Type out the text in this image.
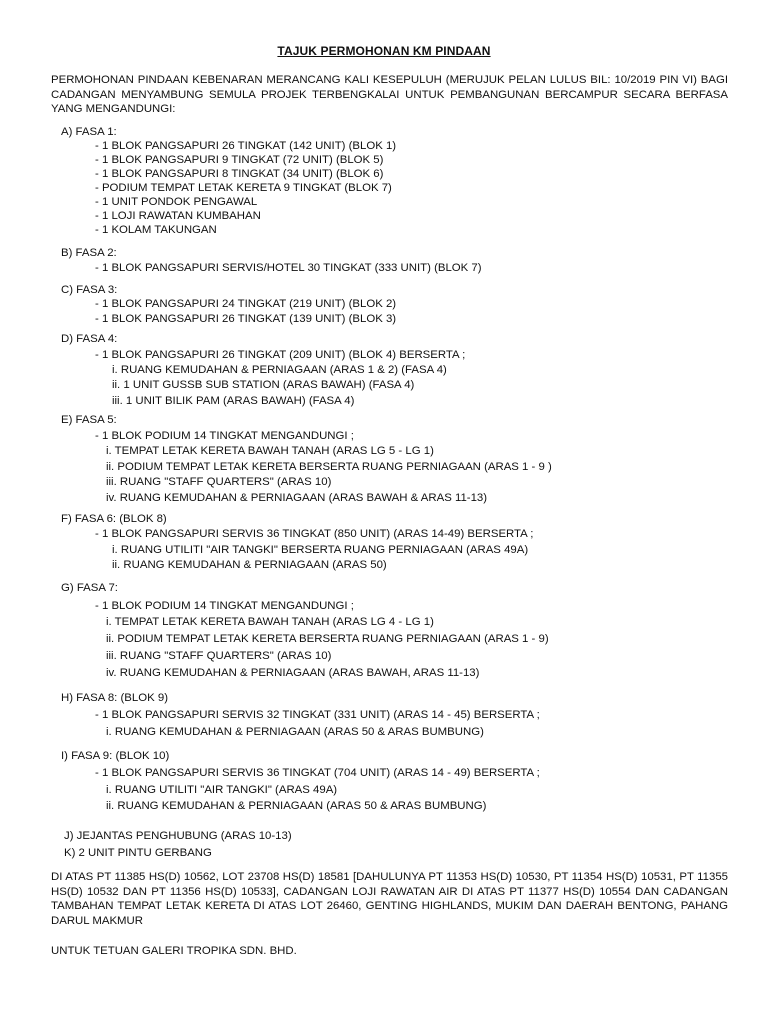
TAJUK PERMOHONAN KM PINDAAN
PERMOHONAN PINDAAN KEBENARAN MERANCANG KALI KESEPULUH (MERUJUK PELAN LULUS BIL: 10/2019 PIN VI) BAGI CADANGAN MENYAMBUNG SEMULA PROJEK TERBENGKALAI UNTUK PEMBANGUNAN BERCAMPUR SECARA BERFASA YANG MENGANDUNGI:
A) FASA 1:
- 1 BLOK PANGSAPURI 26 TINGKAT (142 UNIT) (BLOK 1)
- 1 BLOK PANGSAPURI 9 TINGKAT (72 UNIT) (BLOK 5)
- 1 BLOK PANGSAPURI 8 TINGKAT (34 UNIT) (BLOK 6)
- PODIUM TEMPAT LETAK KERETA 9 TINGKAT (BLOK 7)
- 1 UNIT PONDOK PENGAWAL
- 1 LOJI RAWATAN KUMBAHAN
- 1 KOLAM TAKUNGAN
B) FASA 2:
- 1 BLOK PANGSAPURI SERVIS/HOTEL 30 TINGKAT (333 UNIT) (BLOK 7)
C) FASA 3:
- 1 BLOK PANGSAPURI 24 TINGKAT (219 UNIT) (BLOK 2)
- 1 BLOK PANGSAPURI 26 TINGKAT (139 UNIT) (BLOK 3)
D) FASA 4:
- 1 BLOK PANGSAPURI 26 TINGKAT (209 UNIT) (BLOK 4) BERSERTA ;
i. RUANG KEMUDAHAN & PERNIAGAAN (ARAS 1 & 2) (FASA 4)
ii. 1 UNIT GUSSB SUB STATION (ARAS BAWAH) (FASA 4)
iii. 1 UNIT BILIK PAM (ARAS BAWAH) (FASA 4)
E) FASA 5:
- 1 BLOK PODIUM 14 TINGKAT MENGANDUNGI ;
i. TEMPAT LETAK KERETA BAWAH TANAH (ARAS LG 5 - LG 1)
ii. PODIUM TEMPAT LETAK KERETA BERSERTA RUANG PERNIAGAAN (ARAS 1 - 9 )
iii. RUANG "STAFF QUARTERS" (ARAS 10)
iv. RUANG KEMUDAHAN & PERNIAGAAN (ARAS BAWAH & ARAS 11-13)
F) FASA 6: (BLOK 8)
- 1 BLOK PANGSAPURI SERVIS 36 TINGKAT (850 UNIT) (ARAS 14-49) BERSERTA ;
i. RUANG UTILITI "AIR TANGKI" BERSERTA RUANG PERNIAGAAN (ARAS 49A)
ii. RUANG KEMUDAHAN & PERNIAGAAN (ARAS 50)
G) FASA 7:
- 1 BLOK PODIUM 14 TINGKAT MENGANDUNGI ;
i. TEMPAT LETAK KERETA BAWAH TANAH (ARAS LG 4 - LG 1)
ii. PODIUM TEMPAT LETAK KERETA BERSERTA RUANG PERNIAGAAN (ARAS 1 - 9)
iii. RUANG "STAFF QUARTERS" (ARAS 10)
iv. RUANG KEMUDAHAN & PERNIAGAAN (ARAS BAWAH, ARAS 11-13)
H) FASA 8: (BLOK 9)
- 1 BLOK PANGSAPURI SERVIS 32 TINGKAT (331 UNIT) (ARAS 14 - 45) BERSERTA ;
i. RUANG KEMUDAHAN & PERNIAGAAN (ARAS 50 & ARAS BUMBUNG)
I) FASA 9: (BLOK 10)
- 1 BLOK PANGSAPURI SERVIS 36 TINGKAT (704 UNIT) (ARAS 14 - 49) BERSERTA ;
i. RUANG UTILITI "AIR TANGKI" (ARAS 49A)
ii. RUANG KEMUDAHAN & PERNIAGAAN (ARAS 50 & ARAS BUMBUNG)
J) JEJANTAS PENGHUBUNG (ARAS 10-13)
K) 2 UNIT PINTU GERBANG
DI ATAS PT 11385 HS(D) 10562, LOT 23708 HS(D) 18581 [DAHULUNYA PT 11353 HS(D) 10530, PT 11354 HS(D) 10531, PT 11355 HS(D) 10532 DAN PT 11356 HS(D) 10533], CADANGAN LOJI RAWATAN AIR DI ATAS PT 11377 HS(D) 10554 DAN CADANGAN TAMBAHAN TEMPAT LETAK KERETA DI ATAS LOT 26460, GENTING HIGHLANDS, MUKIM DAN DAERAH BENTONG, PAHANG DARUL MAKMUR
UNTUK TETUAN GALERI TROPIKA SDN. BHD.
